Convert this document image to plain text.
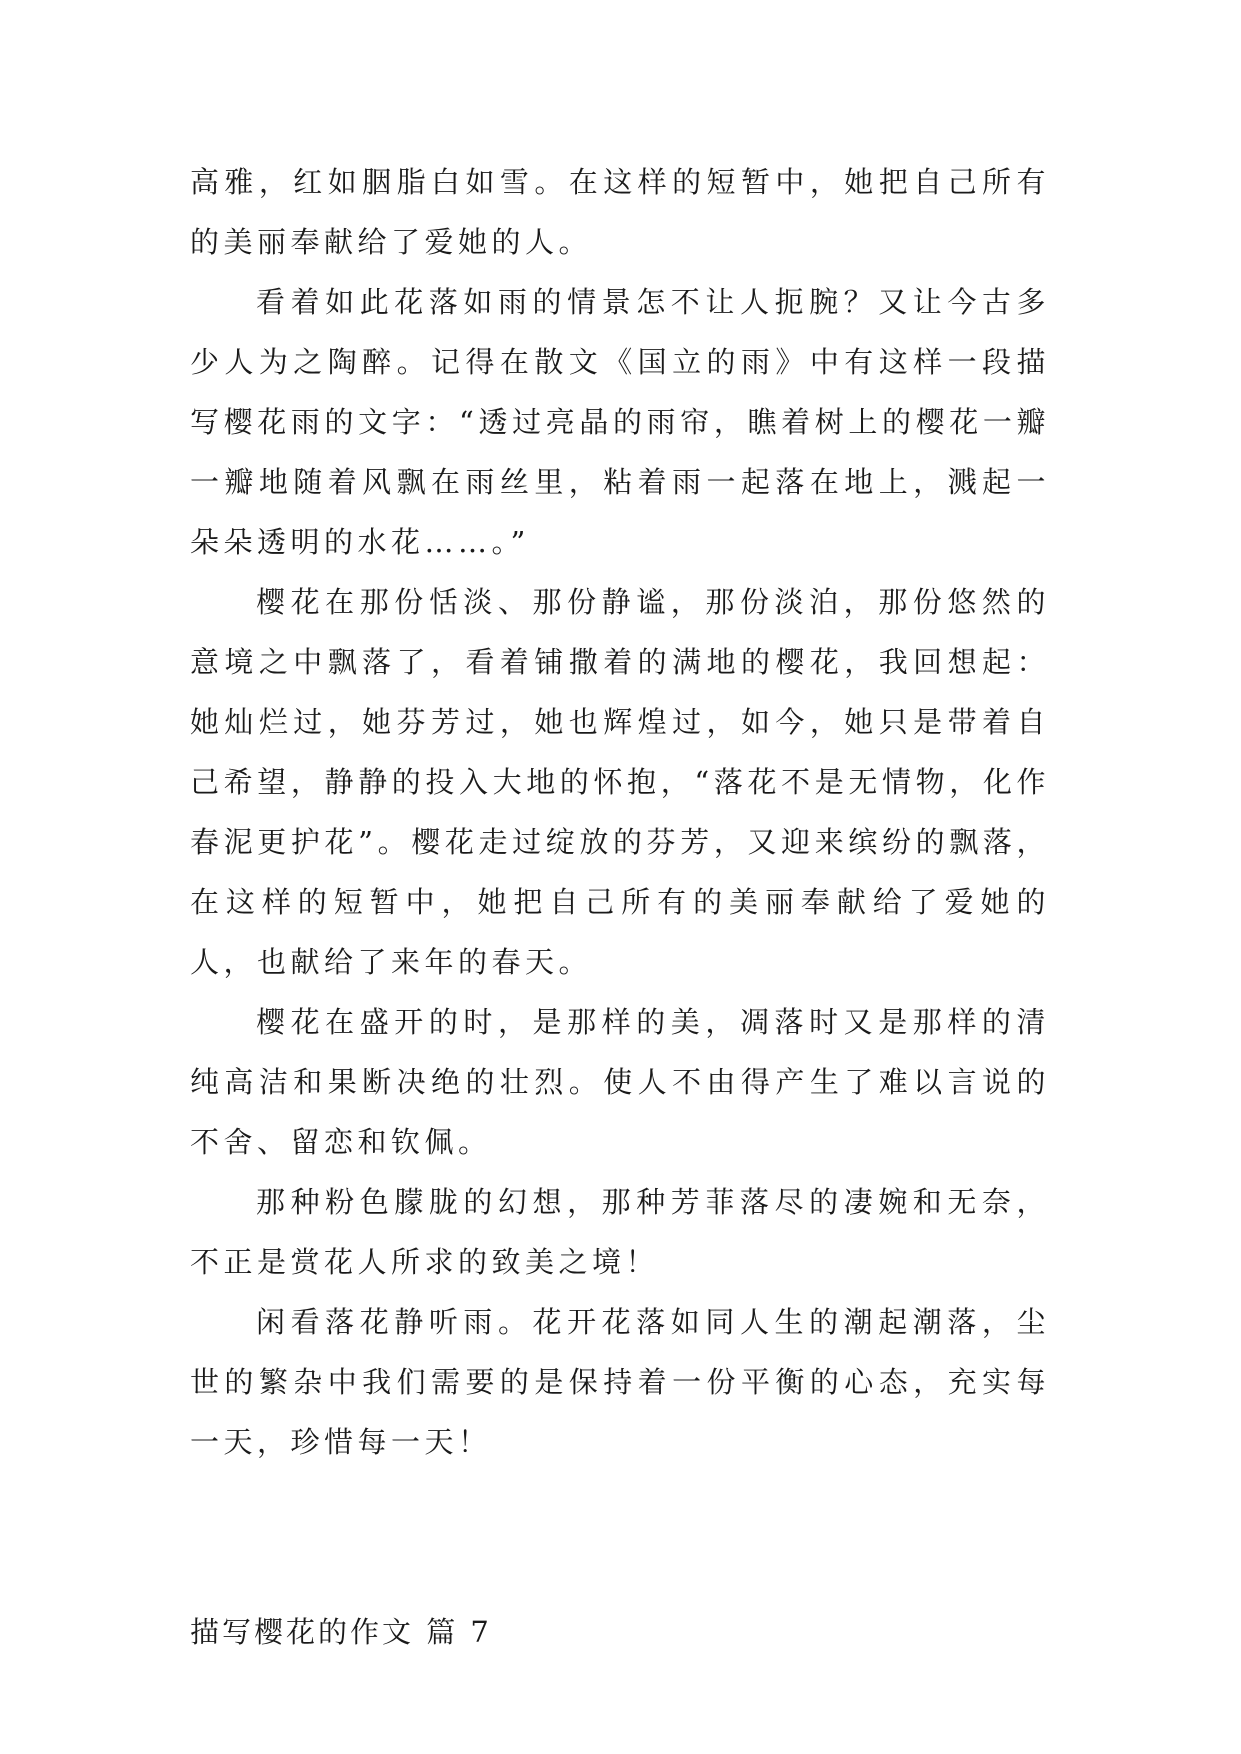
高雅，红如胭脂白如雪。在这样的短暂中，她把自己所有的美丽奉献给了爱她的人。

看着如此花落如雨的情景怎不让人扼腕？又让今古多少人为之陶醉。记得在散文《国立的雨》中有这样一段描写樱花雨的文字：“透过亮晶的雨帘，瞧着树上的樱花一瓣一瓣地随着风飘在雨丝里，粘着雨一起落在地上，溅起一朵朵透明的水花……。”

樱花在那份恬淡、那份静谧，那份淡泊，那份悠然的意境之中飘落了，看着铺撒着的满地的樱花，我回想起：她灿烂过，她芬芳过，她也辉煌过，如今，她只是带着自己希望，静静的投入大地的怀抱，“落花不是无情物，化作春泥更护花”。樱花走过绽放的芬芳，又迎来缤纷的飘落，在这样的短暂中，她把自己所有的美丽奉献给了爱她的人，也献给了来年的春天。

樱花在盛开的时，是那样的美，凋落时又是那样的清纯高洁和果断决绝的壮烈。使人不由得产生了难以言说的不舍、留恋和钦佩。

那种粉色朦胧的幻想，那种芳菲落尽的凄婉和无奈，不正是赏花人所求的致美之境！

闲看落花静听雨。花开花落如同人生的潮起潮落，尘世的繁杂中我们需要的是保持着一份平衡的心态，充实每一天，珍惜每一天！

描写樱花的作文 篇 7
